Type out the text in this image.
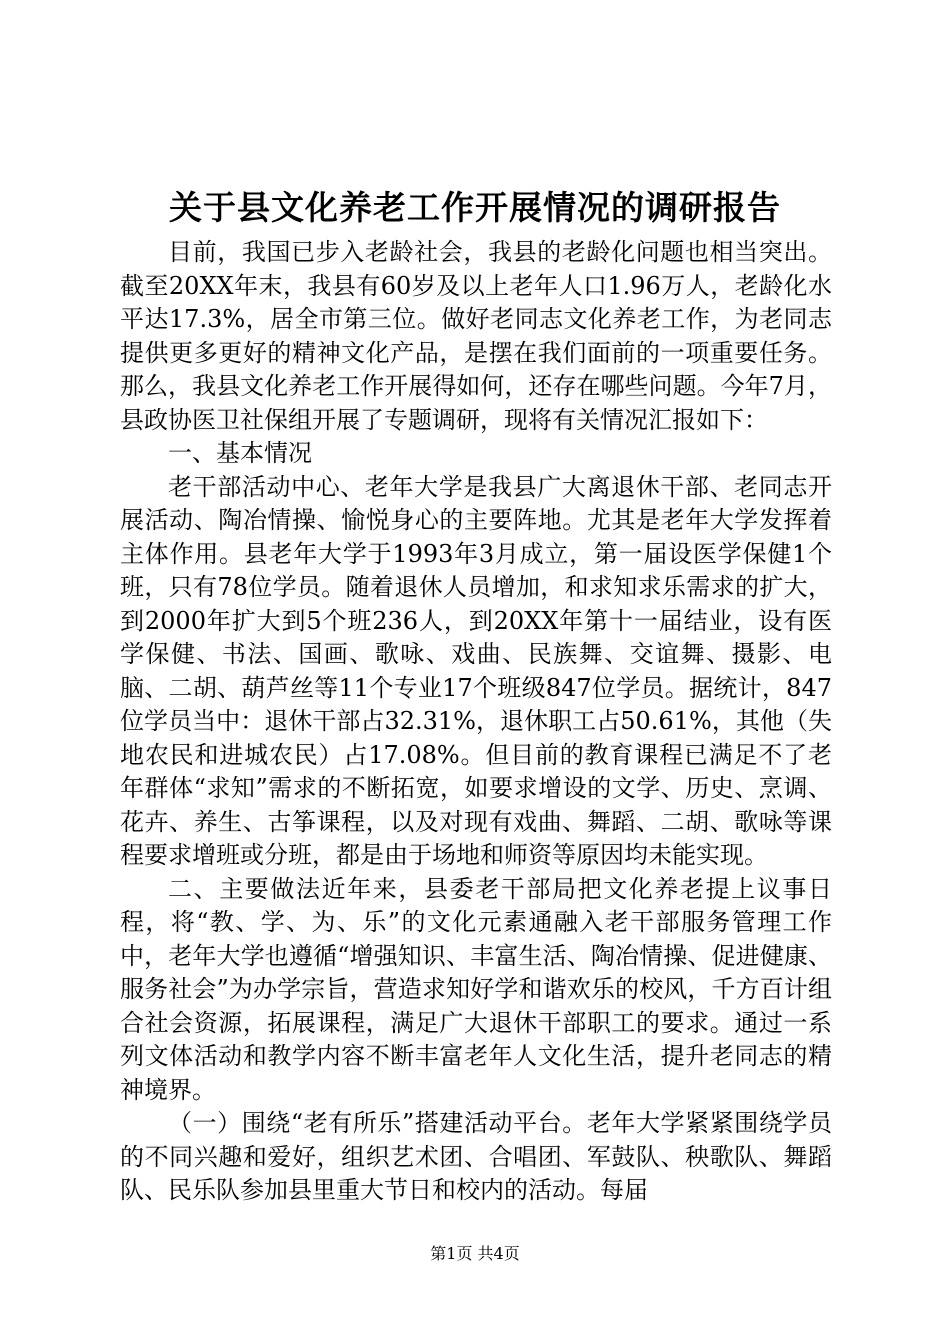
关于县文化养老工作开展情况的调研报告

目前，我国已步入老龄社会，我县的老龄化问题也相当突出。截至20XX年末，我县有60岁及以上老年人口1.96万人，老龄化水平达17.3%，居全市第三位。做好老同志文化养老工作，为老同志提供更多更好的精神文化产品，是摆在我们面前的一项重要任务。那么，我县文化养老工作开展得如何，还存在哪些问题。今年7月，县政协医卫社保组开展了专题调研，现将有关情况汇报如下：

一、基本情况

老干部活动中心、老年大学是我县广大离退休干部、老同志开展活动、陶冶情操、愉悦身心的主要阵地。尤其是老年大学发挥着主体作用。县老年大学于1993年3月成立，第一届设医学保健1个班，只有78位学员。随着退休人员增加，和求知求乐需求的扩大，到2000年扩大到5个班236人，到20XX年第十一届结业，设有医学保健、书法、国画、歌咏、戏曲、民族舞、交谊舞、摄影、电脑、二胡、葫芦丝等11个专业17个班级847位学员。据统计，847位学员当中：退休干部占32.31%，退休职工占50.61%，其他（失地农民和进城农民）占17.08%。但目前的教育课程已满足不了老年群体“求知”需求的不断拓宽，如要求增设的文学、历史、烹调、花卉、养生、古筝课程，以及对现有戏曲、舞蹈、二胡、歌咏等课程要求增班或分班，都是由于场地和师资等原因均未能实现。

二、主要做法近年来，县委老干部局把文化养老提上议事日程，将“教、学、为、乐”的文化元素通融入老干部服务管理工作中，老年大学也遵循“增强知识、丰富生活、陶冶情操、促进健康、服务社会”为办学宗旨，营造求知好学和谐欢乐的校风，千方百计组合社会资源，拓展课程，满足广大退休干部职工的要求。通过一系列文体活动和教学内容不断丰富老年人文化生活，提升老同志的精神境界。

（一）围绕“老有所乐”搭建活动平台。老年大学紧紧围绕学员的不同兴趣和爱好，组织艺术团、合唱团、军鼓队、秧歌队、舞蹈队、民乐队参加县里重大节日和校内的活动。每届

第1页 共4页
